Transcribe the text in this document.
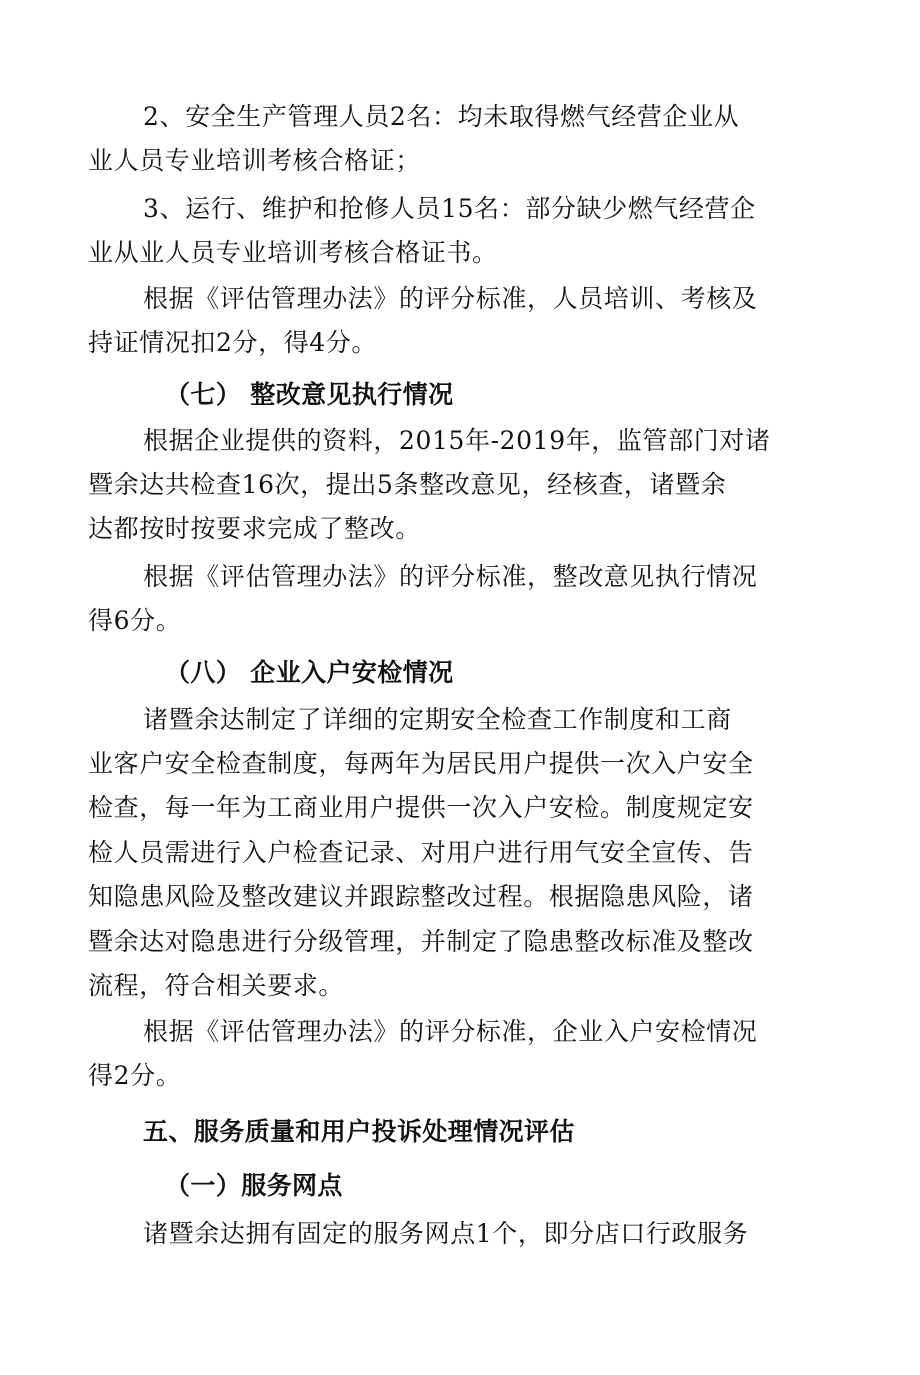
2、安全生产管理人员2名：均未取得燃气经营企业从
业人员专业培训考核合格证；
3、运行、维护和抢修人员15名：部分缺少燃气经营企
业从业人员专业培训考核合格证书。
根据《评估管理办法》的评分标准，人员培训、考核及
持证情况扣2分，得4分。
（七） 整改意见执行情况
根据企业提供的资料，2015年-2019年，监管部门对诸
暨余达共检查16次，提出5条整改意见，经核查，诸暨余
达都按时按要求完成了整改。
根据《评估管理办法》的评分标准，整改意见执行情况
得6分。
（八） 企业入户安检情况
诸暨余达制定了详细的定期安全检查工作制度和工商
业客户安全检查制度，每两年为居民用户提供一次入户安全
检查，每一年为工商业用户提供一次入户安检。制度规定安
检人员需进行入户检查记录、对用户进行用气安全宣传、告
知隐患风险及整改建议并跟踪整改过程。根据隐患风险，诸
暨余达对隐患进行分级管理，并制定了隐患整改标准及整改
流程，符合相关要求。
根据《评估管理办法》的评分标准，企业入户安检情况
得2分。
五、服务质量和用户投诉处理情况评估
（一）服务网点
诸暨余达拥有固定的服务网点1个，即分店口行政服务
